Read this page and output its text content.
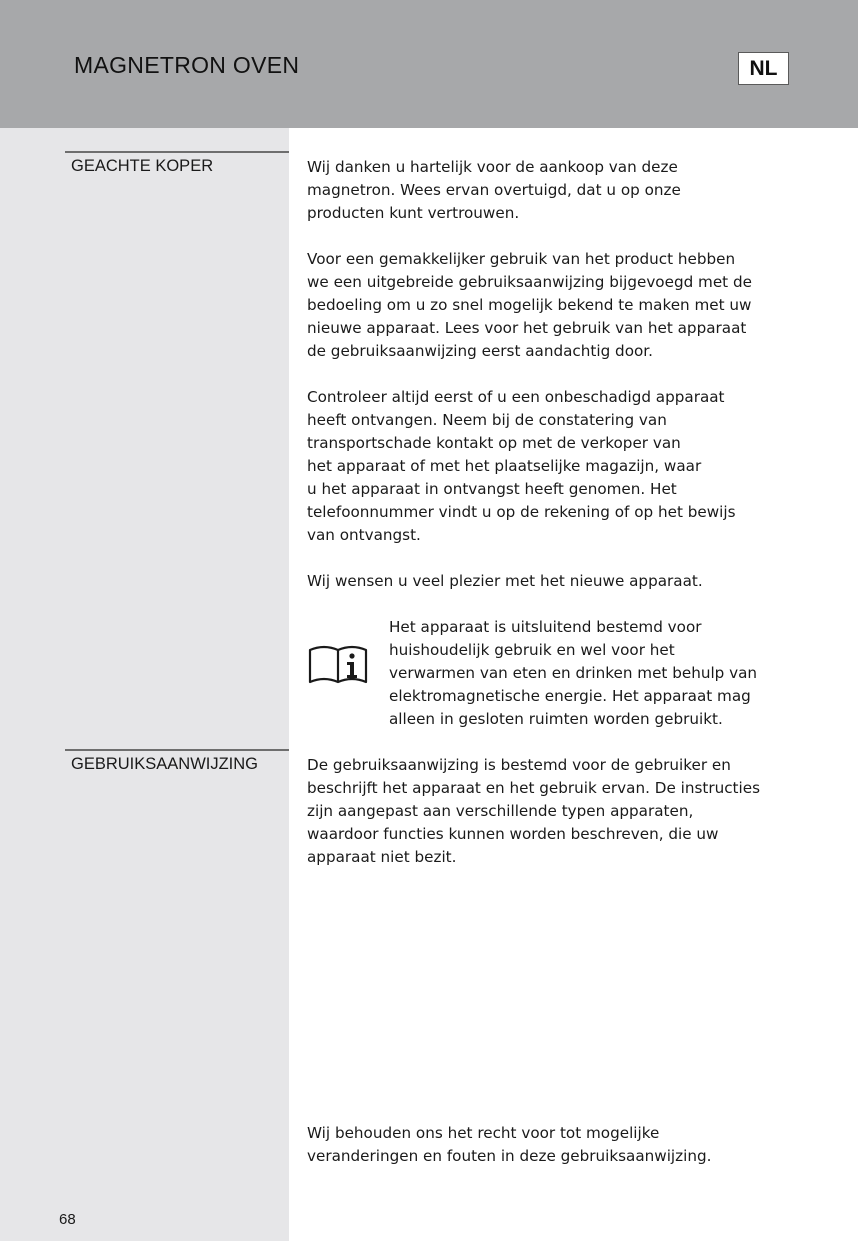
MAGNETRON OVEN	NL
GEACHTE KOPER
GEBRUIKSAANWIJZING

Wij danken u hartelijk voor de aankoop van deze
magnetron. Wees ervan overtuigd, dat u op onze
producten kunt vertrouwen.

Voor een gemakkelijker gebruik van het product hebben
we een uitgebreide gebruiksaanwijzing bijgevoegd met de
bedoeling om u zo snel mogelijk bekend te maken met uw
nieuwe apparaat. Lees voor het gebruik van het apparaat
de gebruiksaanwijzing eerst aandachtig door.

Controleer altijd eerst of u een onbeschadigd apparaat
heeft ontvangen. Neem bij de constatering van
transportschade kontakt op met de verkoper van
het apparaat of met het plaatselijke magazijn, waar
u het apparaat in ontvangst heeft genomen. Het
telefoonnummer vindt u op de rekening of op het bewijs
van ontvangst.

Wij wensen u veel plezier met het nieuwe apparaat.

Het apparaat is uitsluitend bestemd voor
huishoudelijk gebruik en wel voor het
verwarmen van eten en drinken met behulp van
elektromagnetische energie. Het apparaat mag
alleen in gesloten ruimten worden gebruikt.

De gebruiksaanwijzing is bestemd voor de gebruiker en
beschrijft het apparaat en het gebruik ervan. De instructies
zijn aangepast aan verschillende typen apparaten,
waardoor functies kunnen worden beschreven, die uw
apparaat niet bezit.

Wij behouden ons het recht voor tot mogelijke
veranderingen en fouten in deze gebruiksaanwijzing.

68
